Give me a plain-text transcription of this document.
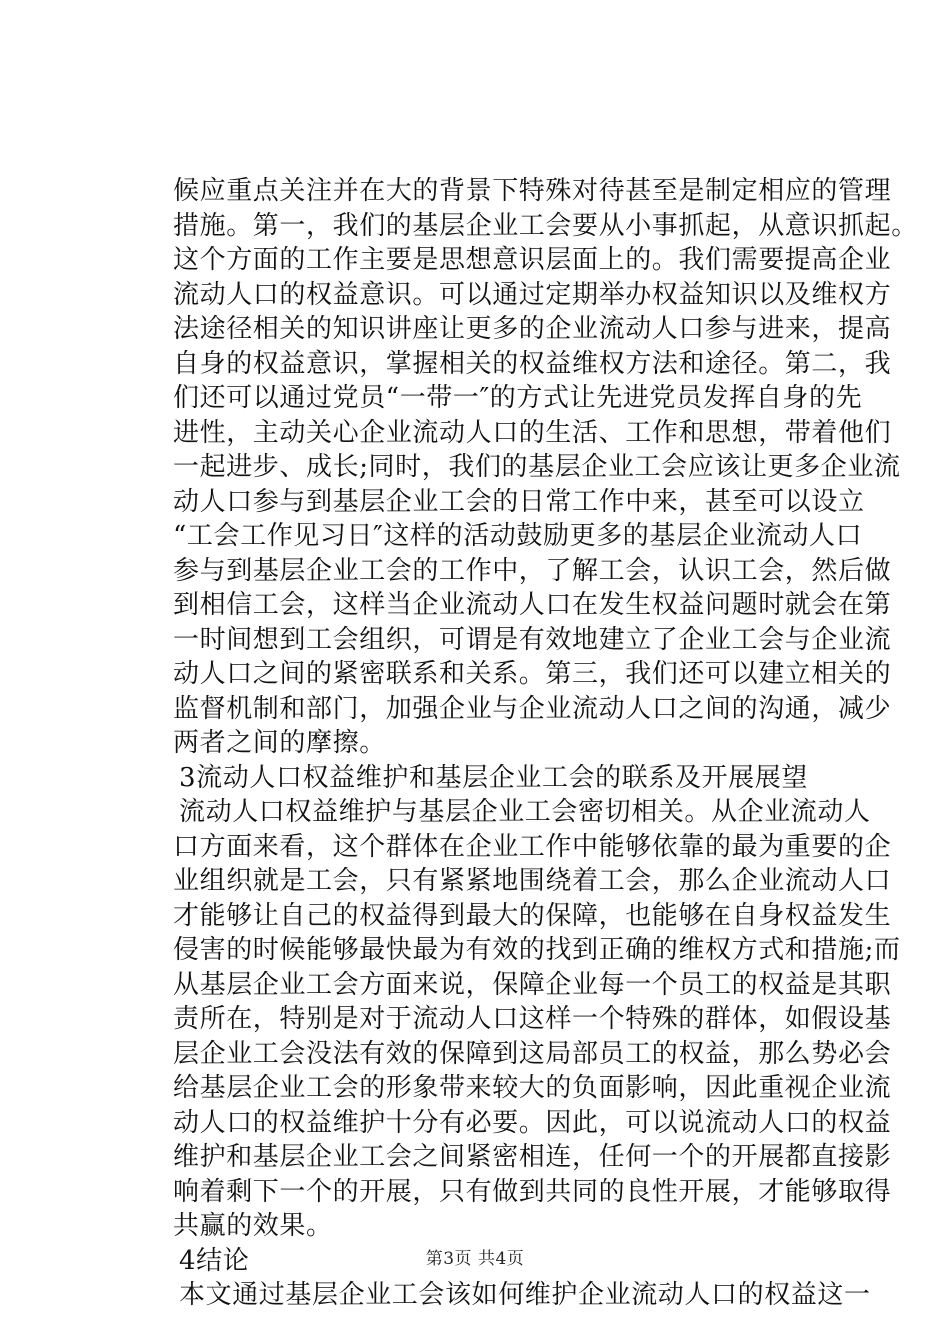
候应重点关注并在大的背景下特殊对待甚至是制定相应的管理
措施。第一，我们的基层企业工会要从小事抓起，从意识抓起。
这个方面的工作主要是思想意识层面上的。我们需要提高企业
流动人口的权益意识。可以通过定期举办权益知识以及维权方
法途径相关的知识讲座让更多的企业流动人口参与进来，提高
自身的权益意识，掌握相关的权益维权方法和途径。第二，我
们还可以通过党员“一带一″的方式让先进党员发挥自身的先
进性，主动关心企业流动人口的生活、工作和思想，带着他们
一起进步、成长;同时，我们的基层企业工会应该让更多企业流
动人口参与到基层企业工会的日常工作中来，甚至可以设立
“工会工作见习日″这样的活动鼓励更多的基层企业流动人口
参与到基层企业工会的工作中，了解工会，认识工会，然后做
到相信工会，这样当企业流动人口在发生权益问题时就会在第
一时间想到工会组织，可谓是有效地建立了企业工会与企业流
动人口之间的紧密联系和关系。第三，我们还可以建立相关的
监督机制和部门，加强企业与企业流动人口之间的沟通，减少
两者之间的摩擦。
3流动人口权益维护和基层企业工会的联系及开展展望
流动人口权益维护与基层企业工会密切相关。从企业流动人
口方面来看，这个群体在企业工作中能够依靠的最为重要的企
业组织就是工会，只有紧紧地围绕着工会，那么企业流动人口
才能够让自己的权益得到最大的保障，也能够在自身权益发生
侵害的时候能够最快最为有效的找到正确的维权方式和措施;而
从基层企业工会方面来说，保障企业每一个员工的权益是其职
责所在，特别是对于流动人口这样一个特殊的群体，如假设基
层企业工会没法有效的保障到这局部员工的权益，那么势必会
给基层企业工会的形象带来较大的负面影响，因此重视企业流
动人口的权益维护十分有必要。因此，可以说流动人口的权益
维护和基层企业工会之间紧密相连，任何一个的开展都直接影
响着剩下一个的开展，只有做到共同的良性开展，才能够取得
共赢的效果。
4结论
本文通过基层企业工会该如何维护企业流动人口的权益这一
第3页 共4页
